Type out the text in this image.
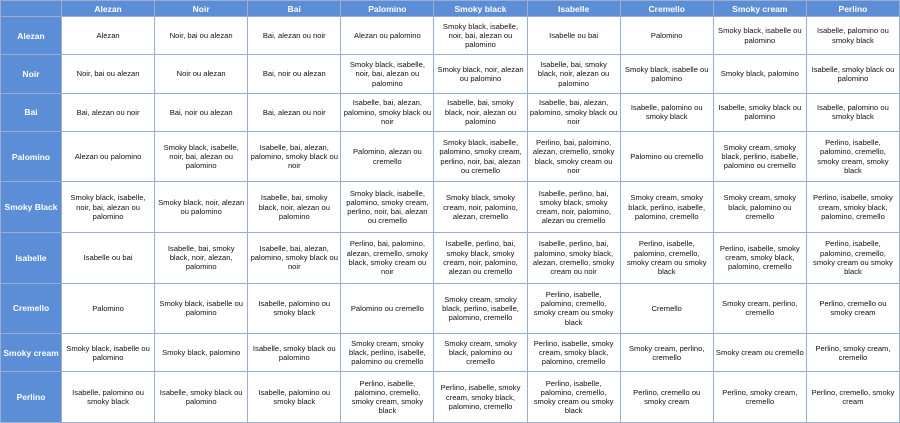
	Alezan	Noir	Bai	Palomino	Smoky black	Isabelle	Cremello	Smoky cream	Perlino
Alezan	Alezan	Noir, bai ou alezan	Bai, alezan ou noir	Alezan ou palomino	Smoky black, isabelle, noir, bai, alezan ou palomino	Isabelle ou bai	Palomino	Smoky black, isabelle ou palomino	Isabelle, palomino ou smoky black
Noir	Noir, bai ou alezan	Noir ou alezan	Bai, noir ou alezan	Smoky black, isabelle, noir, bai, alezan ou palomino	Smoky black, noir, alezan ou palomino	Isabelle, bai, smoky black, noir, alezan ou palomino	Smoky black, isabelle ou palomino	Smoky black, palomino	Isabelle, smoky black ou palomino
Bai	Bai, alezan ou noir	Bai, noir ou alezan	Bai, alezan ou noir	Isabelle, bai, alezan, palomino, smoky black ou noir	Isabelle, bai, smoky black, noir, alezan ou palomino	Isabelle, bai, alezan, palomino, smoky black ou noir	Isabelle, palomino ou smoky black	Isabelle, smoky black ou palomino	Isabelle, palomino ou smoky black
Palomino	Alezan ou palomino	Smoky black, isabelle, noir, bai, alezan ou palomino	Isabelle, bai, alezan, palomino, smoky black ou noir	Palomino, alezan ou cremello	Smoky black, isabelle, palomino, smoky cream, perlino, noir, bai, alezan ou cremello	Perlino, bai, palomino, alezan, cremello, smoky black, smoky cream ou noir	Palomino ou cremello	Smoky cream, smoky black, perlino, isabelle, palomino ou cremello	Perlino, isabelle, palomino, cremello, smoky cream, smoky black
Smoky Black	Smoky black, isabelle, noir, bai, alezan ou palomino	Smoky black, noir, alezan ou palomino	Isabelle, bai, smoky black, noir, alezan ou palomino	Smoky black, isabelle, palomino, smoky cream, perlino, noir, bai, alezan ou cremello	Smoky black, smoky cream, noir, palomino, alezan, cremello	Isabelle, perlino, bai, smoky black, smoky cream, noir, palomino, alezan ou cremello	Smoky cream, smoky black, perlino, isabelle, palomino, cremello	Smoky cream, smoky black, palomino ou cremello	Perlino, isabelle, smoky cream, smoky black, palomino, cremello
Isabelle	Isabelle ou bai	Isabelle, bai, smoky black, noir, alezan, palomino	Isabelle, bai, alezan, palomino, smoky black ou noir	Perlino, bai, palomino, alezan, cremello, smoky black, smoky cream ou noir	Isabelle, perlino, bai, smoky black, smoky cream, noir, palomino, alezan ou cremello	Isabelle, perlino, bai, palomino, smoky black, alezan, cremello, smoky cream ou noir	Perlino, isabelle, palomino, cremello, smoky cream ou smoky black	Perlino, isabelle, smoky cream, smoky black, palomino, cremello	Perlino, isabelle, palomino, cremello, smoky cream ou smoky black
Cremello	Palomino	Smoky black, isabelle ou palomino	Isabelle, palomino ou smoky black	Palomino ou cremello	Smoky cream, smoky black, perlino, isabelle, palomino, cremello	Perlino, isabelle, palomino, cremello, smoky cream ou smoky black	Cremello	Smoky cream, perlino, cremello	Perlino, cremello ou smoky cream
Smoky cream	Smoky black, isabelle ou palomino	Smoky black, palomino	Isabelle, smoky black ou palomino	Smoky cream, smoky black, perlino, isabelle, palomino ou cremello	Smoky cream, smoky black, palomino ou cremello	Perlino, isabelle, smoky cream, smoky black, palomino, cremello	Smoky cream, perlino, cremello	Smoky cream ou cremello	Perlino, smoky cream, cremello
Perlino	Isabelle, palomino ou smoky black	Isabelle, smoky black ou palomino	Isabelle, palomino ou smoky black	Perlino, isabelle, palomino, cremello, smoky cream, smoky black	Perlino, isabelle, smoky cream, smoky black, palomino, cremello	Perlino, isabelle, palomino, cremello, smoky cream ou smoky black	Perlino, cremello ou smoky cream	Perlino, smoky cream, cremello	Perlino, cremello, smoky cream
